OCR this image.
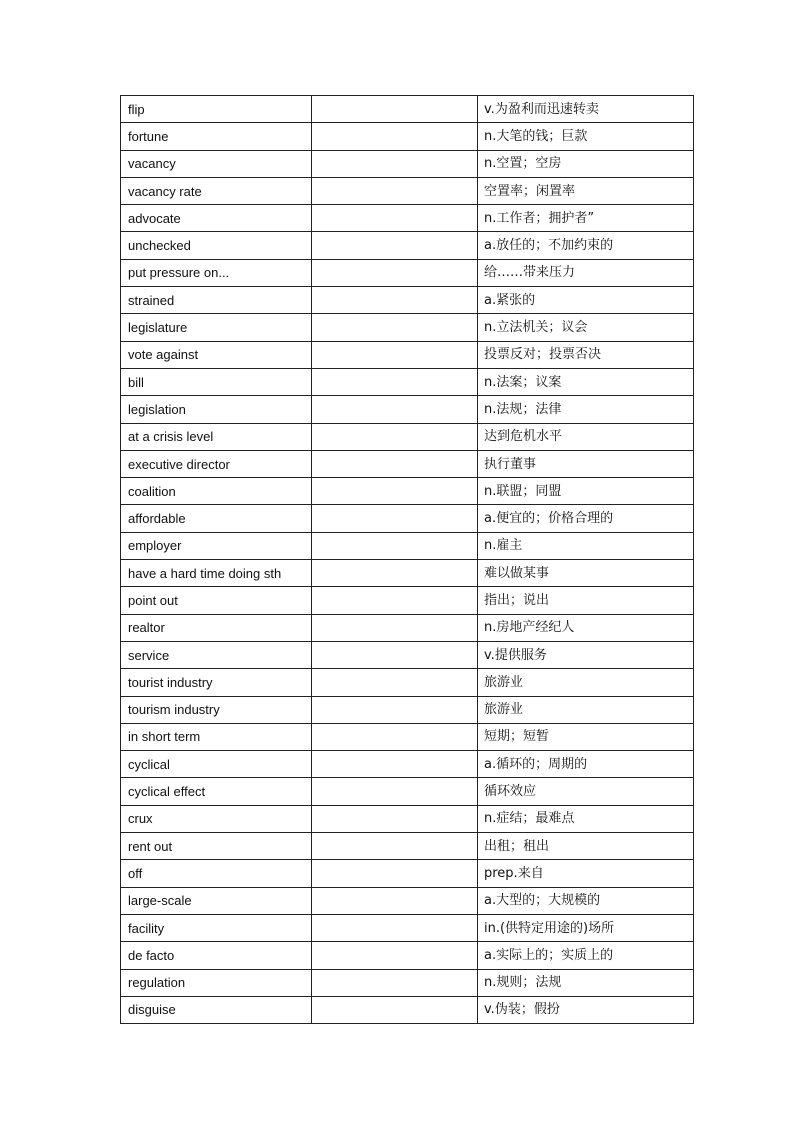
flip		v.为盈利而迅速转卖
fortune		n.大笔的钱；巨款
vacancy		n.空置；空房
vacancy rate		空置率；闲置率
advocate		n.工作者；拥护者”
unchecked		a.放任的；不加约束的
put pressure on...		给……带来压力
strained		a.紧张的
legislature		n.立法机关；议会
vote against		投票反对；投票否决
bill		n.法案；议案
legislation		n.法规；法律
at a crisis level		达到危机水平
executive director		执行董事
coalition		n.联盟；同盟
affordable		a.便宜的；价格合理的
employer		n.雇主
have a hard time doing sth		难以做某事
point out		指出；说出
realtor		n.房地产经纪人
service		v.提供服务
tourist industry		旅游业
tourism industry		旅游业
in short term		短期；短暂
cyclical		a.循环的；周期的
cyclical effect		循环效应
crux		n.症结；最难点
rent out		出租；租出
off		prep.来自
large-scale		a.大型的；大规模的
facility		in.(供特定用途的)场所
de facto		a.实际上的；实质上的
regulation		n.规则；法规
disguise		v.伪装；假扮
